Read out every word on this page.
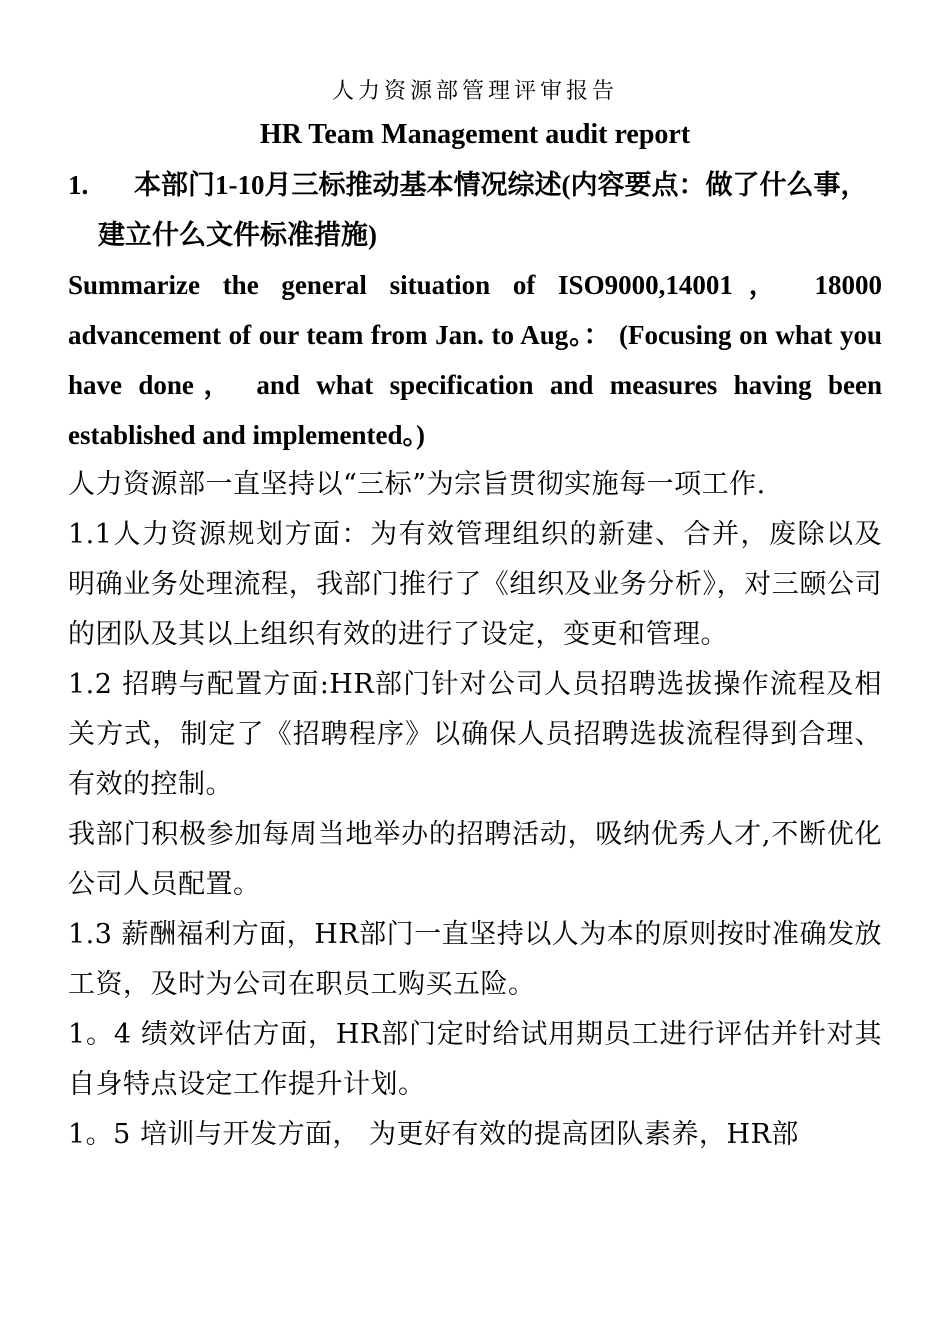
人力资源部管理评审报告

HR Team Management audit report

1. 本部门1-10月三标推动基本情况综述(内容要点：做了什么事，建立什么文件标准措施)

Summarize the general situation of ISO9000,14001， 18000 advancement of our team from Jan. to Aug。： (Focusing on what you have done， and what specification and measures having been established and implemented。)

人力资源部一直坚持以“三标”为宗旨贯彻实施每一项工作.

1.1人力资源规划方面：为有效管理组织的新建、合并，废除以及明确业务处理流程，我部门推行了《组织及业务分析》，对三颐公司的团队及其以上组织有效的进行了设定，变更和管理。

1.2 招聘与配置方面:HR部门针对公司人员招聘选拔操作流程及相关方式，制定了《招聘程序》以确保人员招聘选拔流程得到合理、有效的控制。

我部门积极参加每周当地举办的招聘活动，吸纳优秀人才,不断优化公司人员配置。

1.3 薪酬福利方面，HR部门一直坚持以人为本的原则按时准确发放工资，及时为公司在职员工购买五险。

1。4 绩效评估方面，HR部门定时给试用期员工进行评估并针对其自身特点设定工作提升计划。

1。5 培训与开发方面， 为更好有效的提高团队素养，HR部
